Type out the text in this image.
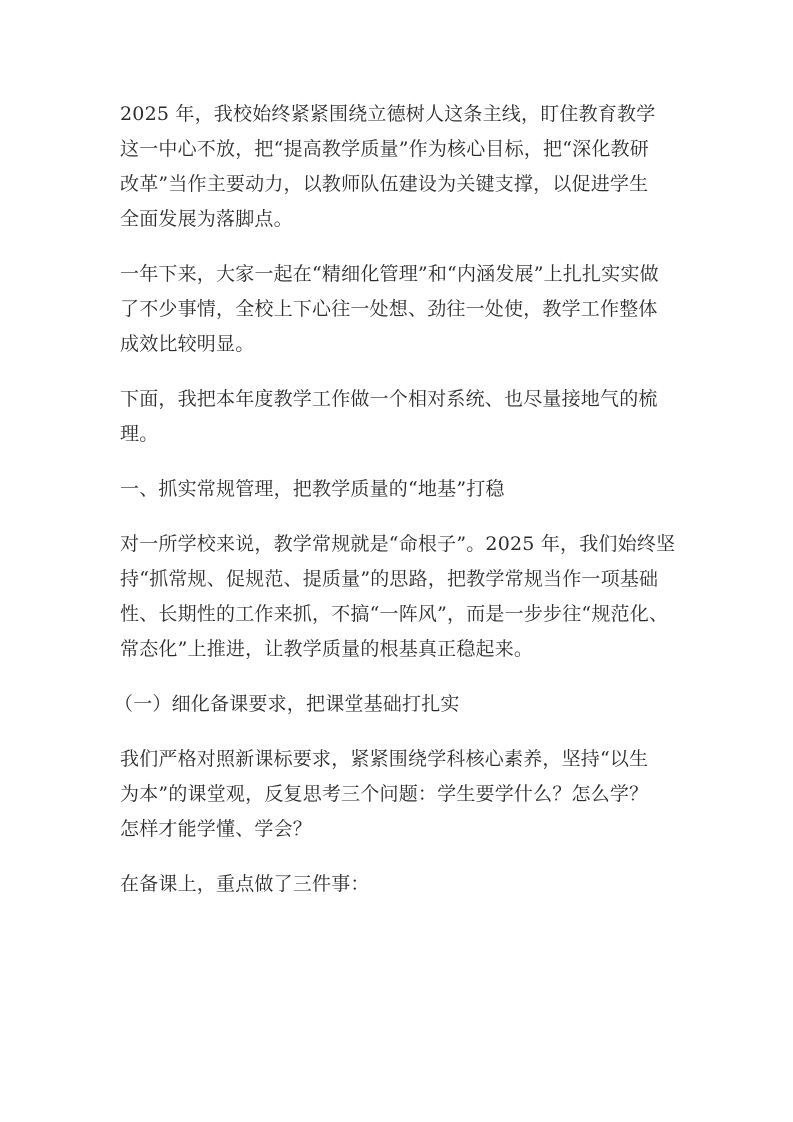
2025 年，我校始终紧紧围绕立德树人这条主线，盯住教育教学
这一中心不放，把“提高教学质量”作为核心目标，把“深化教研
改革”当作主要动力，以教师队伍建设为关键支撑，以促进学生
全面发展为落脚点。
一年下来，大家一起在“精细化管理”和“内涵发展”上扎扎实实做
了不少事情，全校上下心往一处想、劲往一处使，教学工作整体
成效比较明显。
下面，我把本年度教学工作做一个相对系统、也尽量接地气的梳
理。
一、抓实常规管理，把教学质量的“地基”打稳
对一所学校来说，教学常规就是“命根子”。2025 年，我们始终坚
持“抓常规、促规范、提质量”的思路，把教学常规当作一项基础
性、长期性的工作来抓，不搞“一阵风”，而是一步步往“规范化、
常态化”上推进，让教学质量的根基真正稳起来。
（一）细化备课要求，把课堂基础打扎实
我们严格对照新课标要求，紧紧围绕学科核心素养，坚持“以生
为本”的课堂观，反复思考三个问题：学生要学什么？怎么学？
怎样才能学懂、学会？
在备课上，重点做了三件事：
